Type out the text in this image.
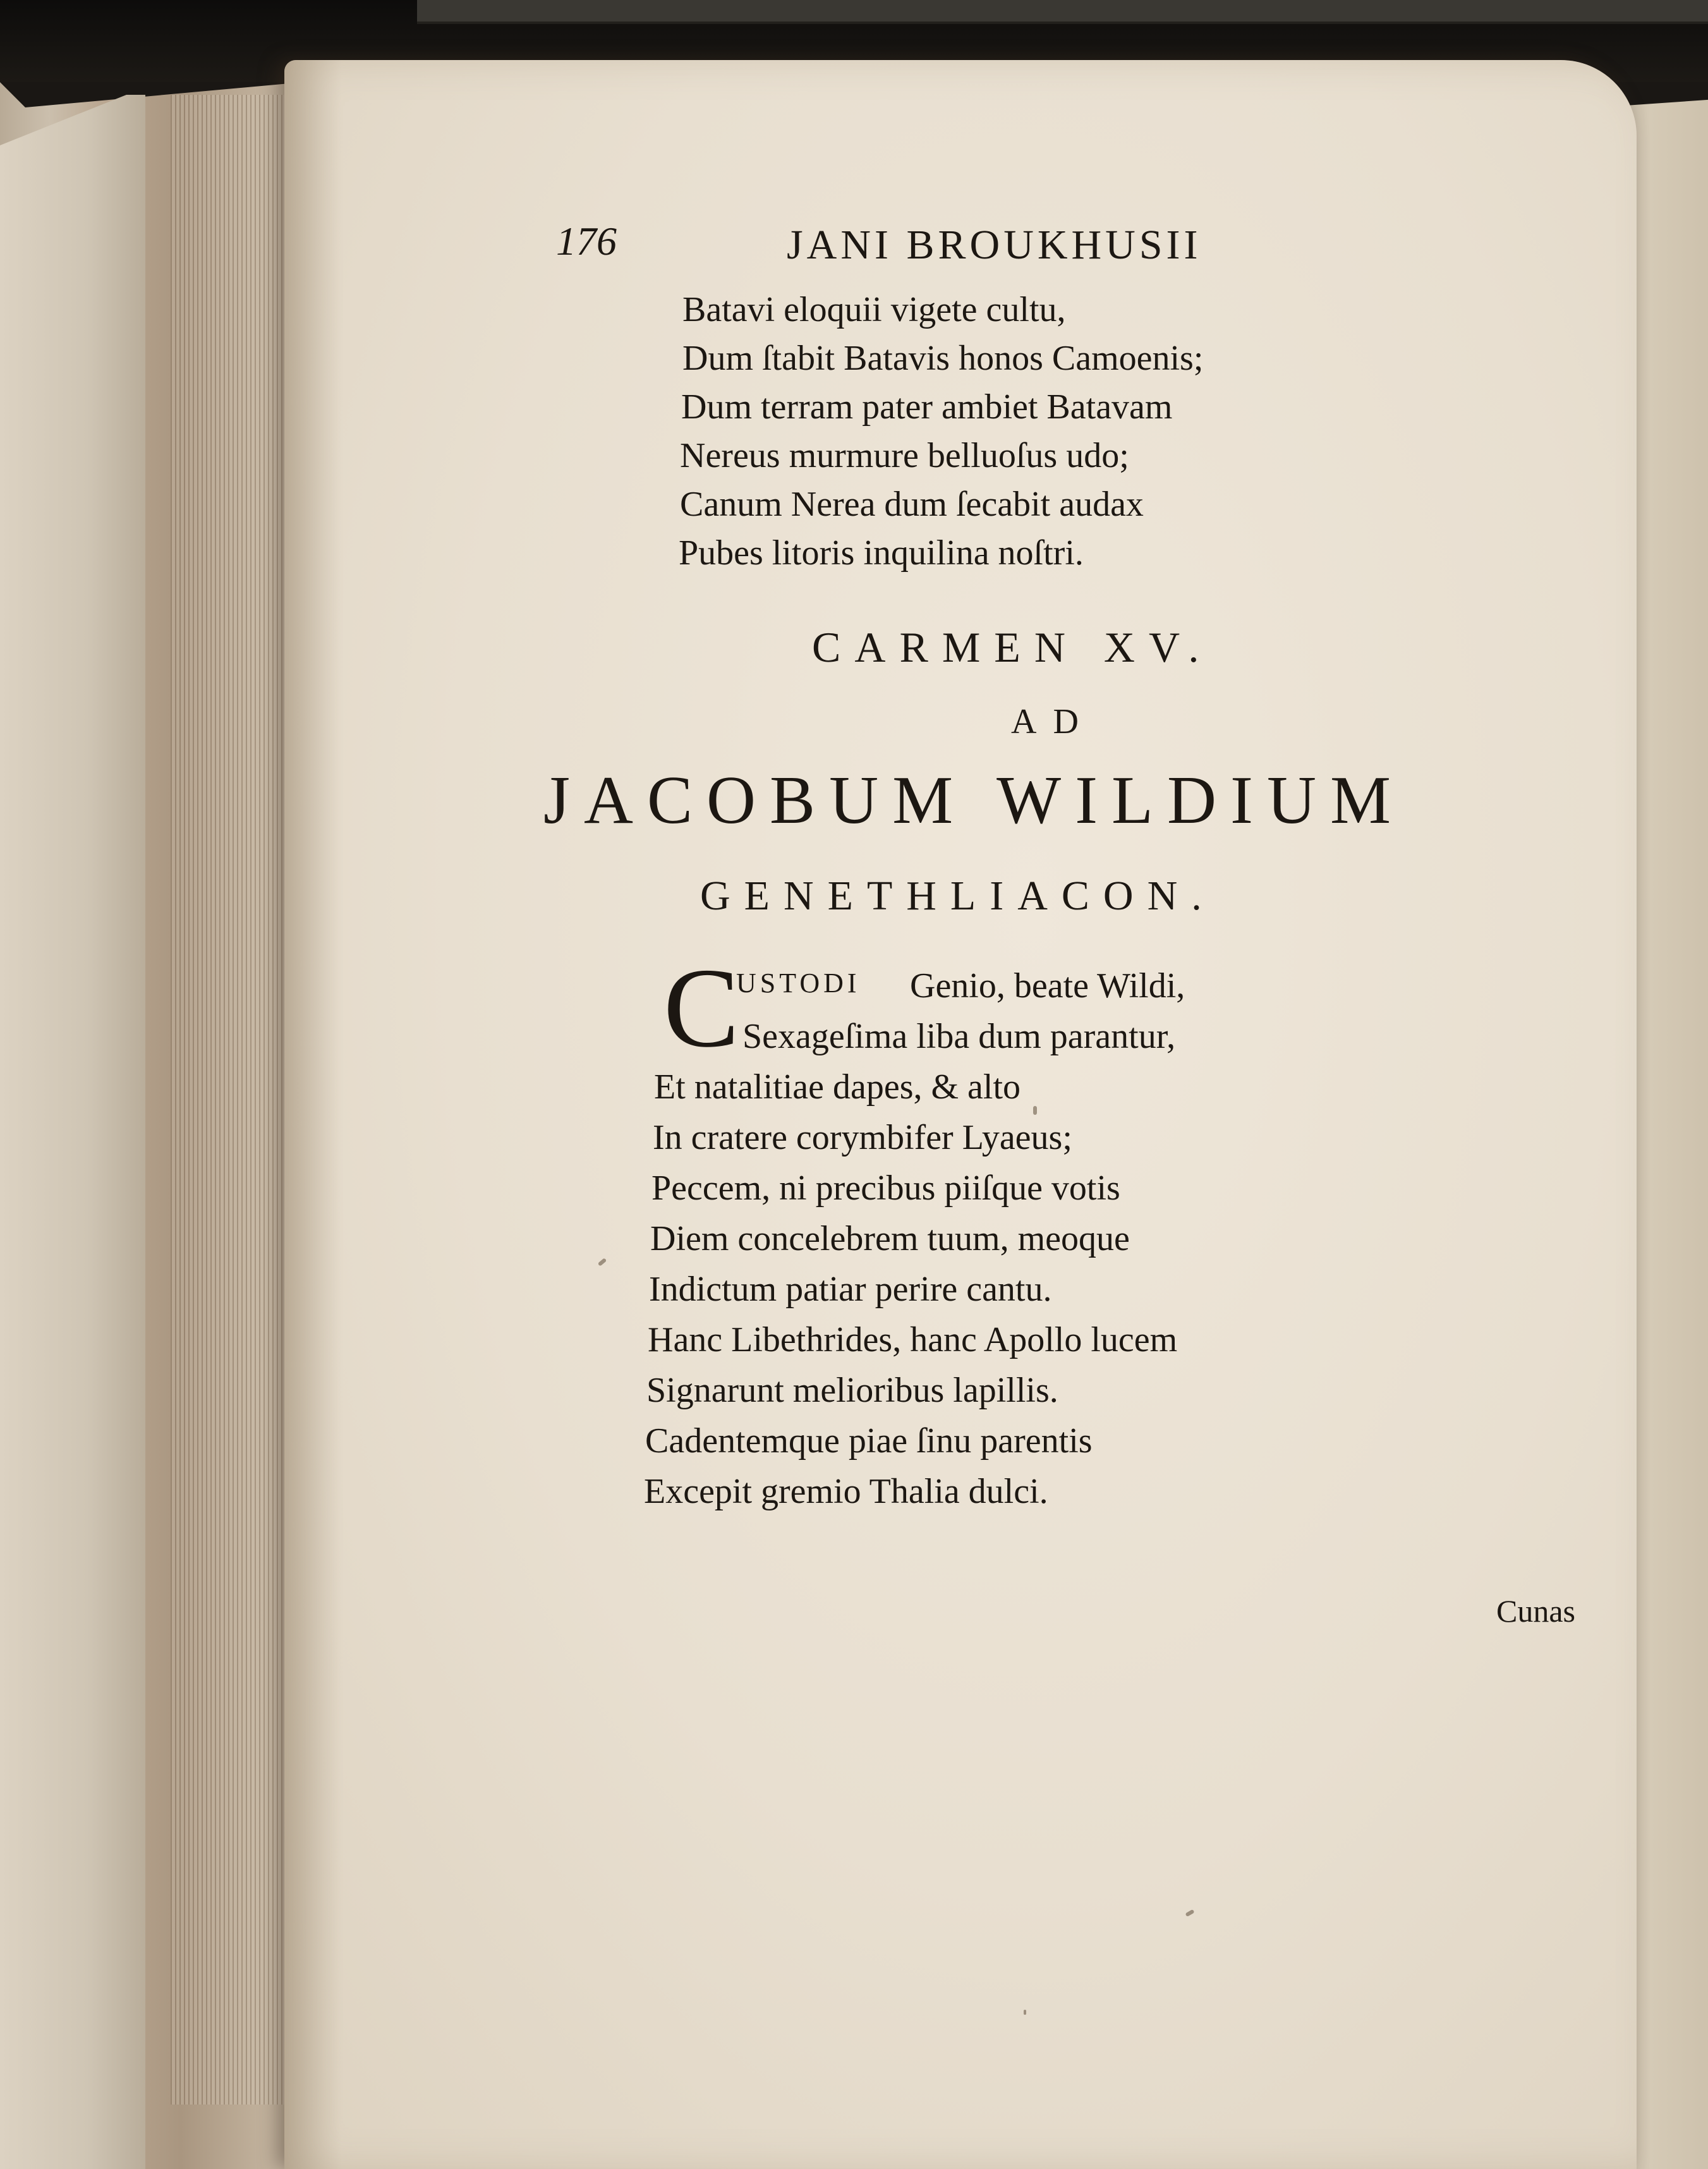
176	JANI BROUKHUSII
Batavi eloquii vigete cultu,
Dum ſtabit Batavis honos Camoenis;
Dum terram pater ambiet Batavam
Nereus murmure belluoſus udo;
Canum Nerea dum ſecabit audax
Pubes litoris inquilina noſtri.
CARMEN XV.
AD
JACOBUM WILDIUM
GENETHLIACON.
C
USTODI Genio, beate Wildi,
Sexageſima liba dum parantur,
Et natalitiae dapes, & alto
In cratere corymbifer Lyaeus;
Peccem, ni precibus piiſque votis
Diem concelebrem tuum, meoque
Indictum patiar perire cantu.
Hanc Libethrides, hanc Apollo lucem
Signarunt melioribus lapillis.
Cadentemque piae ſinu parentis
Excepit gremio Thalia dulci.
Cunas
